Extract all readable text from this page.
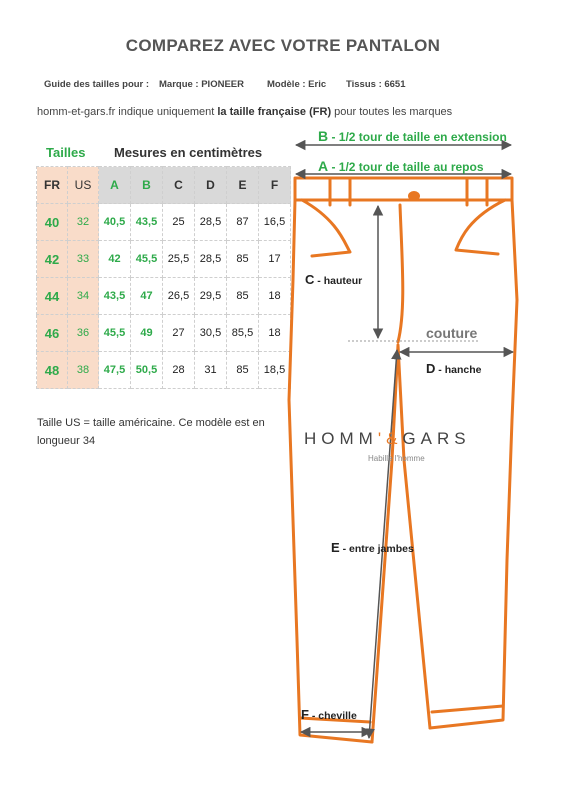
COMPAREZ AVEC VOTRE PANTALON
Guide des tailles pour : Marque : PIONEER Modèle : Eric Tissus : 6651
homm-et-gars.fr indique uniquement la taille française (FR) pour toutes les marques
Tailles Mesures en centimètres
FR	US	A	B	C	D	E	F
40	32	40,5	43,5	25	28,5	87	16,5
42	33	42	45,5	25,5	28,5	85	17
44	34	43,5	47	26,5	29,5	85	18
46	36	45,5	49	27	30,5	85,5	18
48	38	47,5	50,5	28	31	85	18,5
Taille US = taille américaine. Ce modèle est en longueur 34
B - 1/2 tour de taille en extension
A - 1/2 tour de taille au repos
C - hauteur
couture
D - hanche
HOMM'&GARS
Habille l'homme
E - entre jambes
F - cheville
